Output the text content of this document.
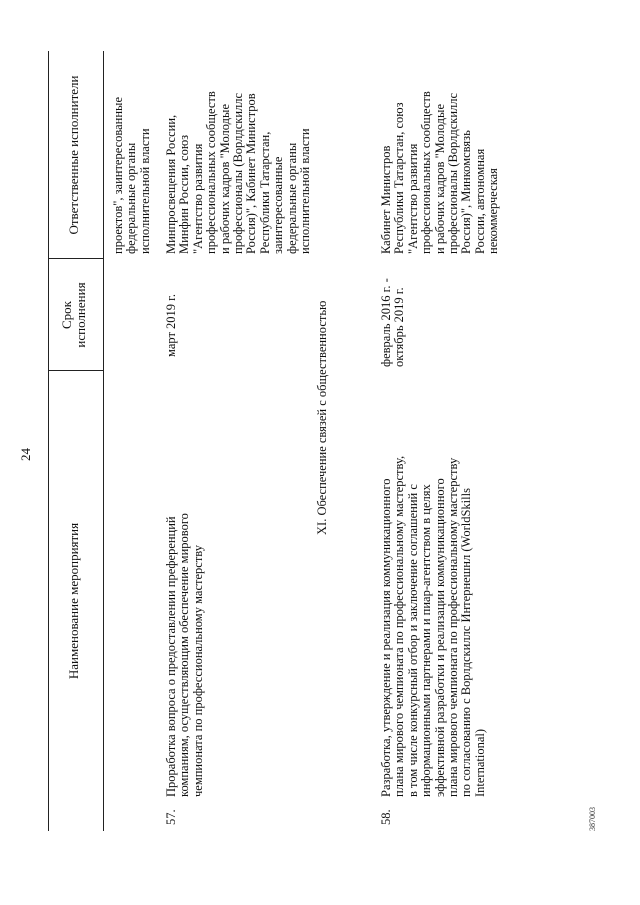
24
Наименование мероприятия
Срок исполнения
Ответственные исполнители проектов", заинтересованные
федеральные органы
исполнительной власти
57.
Проработка вопроса о предоставлении преференций
компаниям, осуществляющим обеспечение мирового
чемпионата по профессиональному мастерству
март 2019 г.
Минпросвещения России,
Минфин России, союз
"Агентство развития
профессиональных сообществ
и рабочих кадров "Молодые
профессионалы (Ворлдскиллс
Россия)", Кабинет Министров
Республики Татарстан,
заинтересованные
федеральные органы
исполнительной власти
XI. Обеспечение связей с общественностью
58.
Разработка, утверждение и реализация коммуникационного
плана мирового чемпионата по профессиональному мастерству,
в том числе конкурсный отбор и заключение соглашений с
информационными партнерами и пиар-агентством в целях
эффективной разработки и реализации коммуникационного
плана мирового чемпионата по профессиональному мастерству
по согласованию с Ворлдскиллс Интернешнл (WorldSkills
International)
февраль 2016 г. -
октябрь 2019 г.
Кабинет Министров
Республики Татарстан, союз
"Агентство развития
профессиональных сообществ
и рабочих кадров "Молодые
профессионалы (Ворлдскиллс
Россия)", Минкомсвязь
России, автономная
некоммерческая
387003
